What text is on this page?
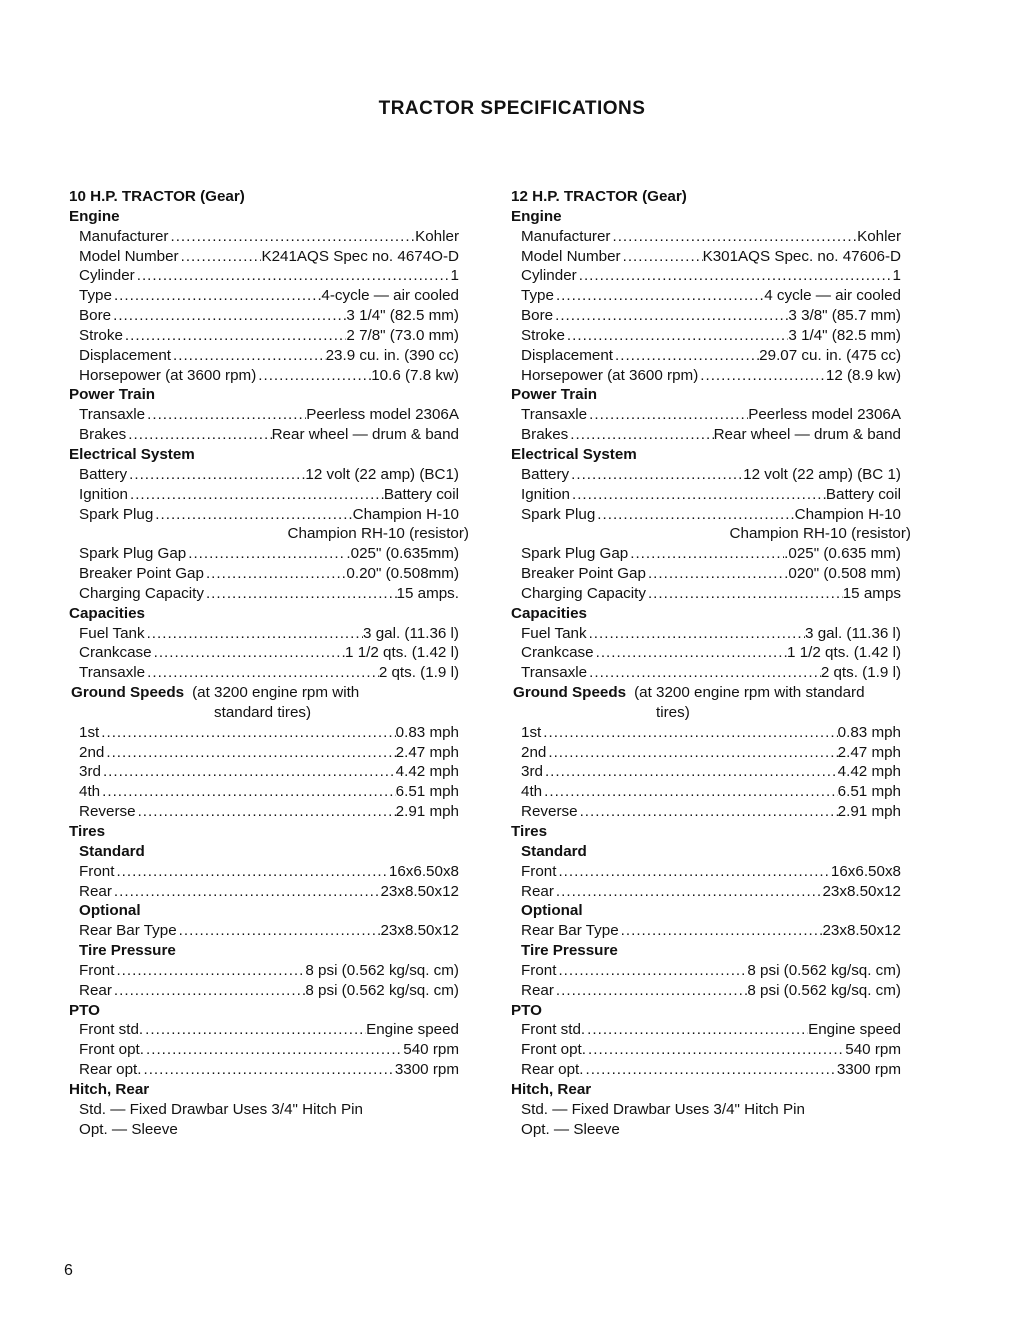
TRACTOR SPECIFICATIONS
10 H.P. TRACTOR (Gear)
Engine
Manufacturer .....	Kohler
Model Number .....	K241AQS Spec no. 4674O-D
Cylinder .....	1
Type .....	4-cycle — air cooled
Bore .....	3 1/4" (82.5 mm)
Stroke .....	2 7/8" (73.0 mm)
Displacement .....	23.9 cu. in. (390 cc)
Horsepower (at 3600 rpm) .....	10.6 (7.8 kw)
Power Train
Transaxle .....	Peerless model 2306A
Brakes .....	Rear wheel — drum & band
Electrical System
Battery .....	12 volt (22 amp) (BC1)
Ignition .....	Battery coil
Spark Plug .....	Champion H-10
Champion RH-10 (resistor)
Spark Plug Gap .....	.025" (0.635mm)
Breaker Point Gap .....	0.20" (0.508mm)
Charging Capacity .....	15 amps.
Capacities
Fuel Tank .....	3 gal. (11.36 l)
Crankcase .....	1 1/2 qts. (1.42 l)
Transaxle .....	2 qts. (1.9 l)
Ground Speeds (at 3200 engine rpm with
standard tires)
1st .....	0.83 mph
2nd .....	2.47 mph
3rd .....	4.42 mph
4th .....	6.51 mph
Reverse .....	2.91 mph
Tires
Standard
Front .....	16x6.50x8
Rear .....	23x8.50x12
Optional
Rear Bar Type .....	23x8.50x12
Tire Pressure
Front .....	8 psi (0.562 kg/sq. cm)
Rear .....	8 psi (0.562 kg/sq. cm)
PTO
Front std. .....	Engine speed
Front opt. .....	540 rpm
Rear opt. .....	3300 rpm
Hitch, Rear
Std. — Fixed Drawbar Uses 3/4" Hitch Pin
Opt. — Sleeve
12 H.P. TRACTOR (Gear)
Engine
Manufacturer .....	Kohler
Model Number .....	K301AQS Spec. no. 47606-D
Cylinder .....	1
Type .....	4 cycle — air cooled
Bore .....	3 3/8" (85.7 mm)
Stroke .....	3 1/4" (82.5 mm)
Displacement .....	29.07 cu. in. (475 cc)
Horsepower (at 3600 rpm) .....	12 (8.9 kw)
Power Train
Transaxle .....	Peerless model 2306A
Brakes .....	Rear wheel — drum & band
Electrical System
Battery .....	12 volt (22 amp) (BC 1)
Ignition .....	Battery coil
Spark Plug .....	Champion H-10
Champion RH-10 (resistor)
Spark Plug Gap .....	.025" (0.635 mm)
Breaker Point Gap .....	.020" (0.508 mm)
Charging Capacity .....	15 amps
Capacities
Fuel Tank .....	3 gal. (11.36 l)
Crankcase .....	1 1/2 qts. (1.42 l)
Transaxle .....	2 qts. (1.9 l)
Ground Speeds (at 3200 engine rpm with standard
tires)
1st .....	0.83 mph
2nd .....	2.47 mph
3rd .....	4.42 mph
4th .....	6.51 mph
Reverse .....	2.91 mph
Tires
Standard
Front .....	16x6.50x8
Rear .....	23x8.50x12
Optional
Rear Bar Type .....	23x8.50x12
Tire Pressure
Front .....	8 psi (0.562 kg/sq. cm)
Rear .....	8 psi (0.562 kg/sq. cm)
PTO
Front std. .....	Engine speed
Front opt. .....	540 rpm
Rear opt. .....	3300 rpm
Hitch, Rear
Std. — Fixed Drawbar Uses 3/4" Hitch Pin
Opt. — Sleeve
6
